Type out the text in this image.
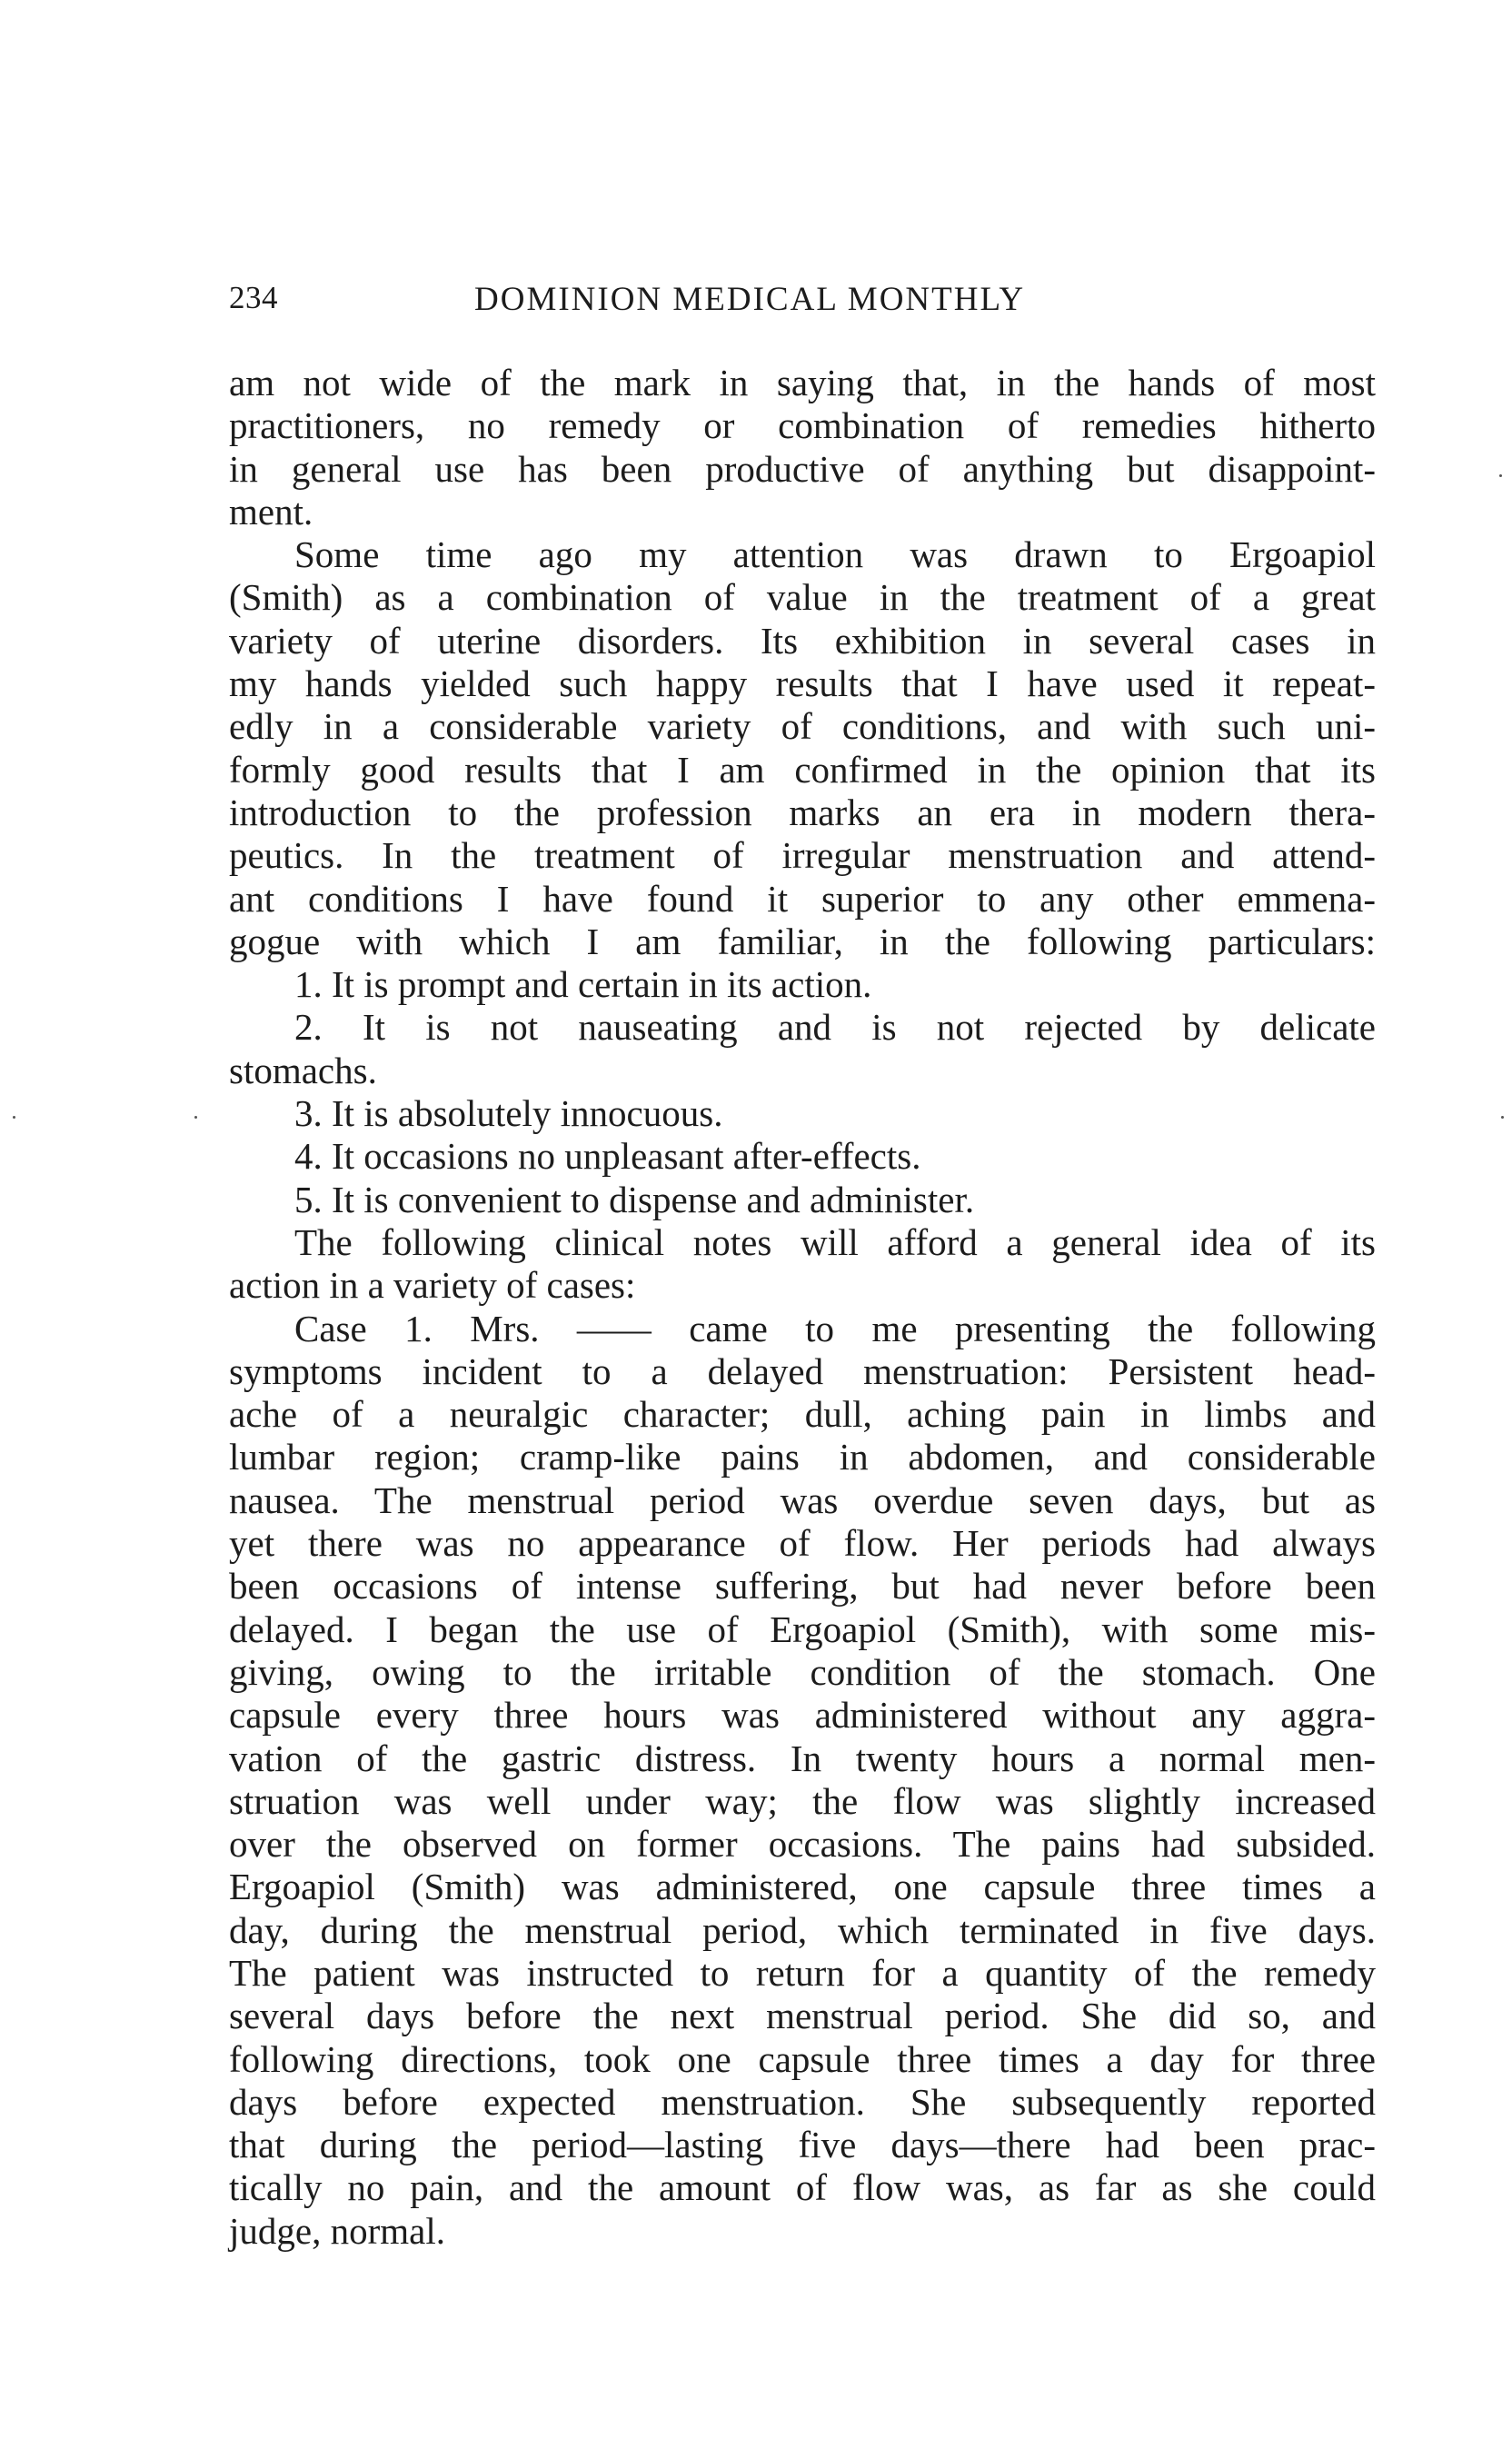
234	DOMINION MEDICAL MONTHLY
am not wide of the mark in saying that, in the hands of most
practitioners, no remedy or combination of remedies hitherto
in general use has been productive of anything but disappoint-
ment.
Some time ago my attention was drawn to Ergoapiol
(Smith) as a combination of value in the treatment of a great
variety of uterine disorders. Its exhibition in several cases in
my hands yielded such happy results that I have used it repeat-
edly in a considerable variety of conditions, and with such uni-
formly good results that I am confirmed in the opinion that its
introduction to the profession marks an era in modern thera-
peutics. In the treatment of irregular menstruation and attend-
ant conditions I have found it superior to any other emmena-
gogue with which I am familiar, in the following particulars:
1. It is prompt and certain in its action.
2. It is not nauseating and is not rejected by delicate
stomachs.
3. It is absolutely innocuous.
4. It occasions no unpleasant after-effects.
5. It is convenient to dispense and administer.
The following clinical notes will afford a general idea of its
action in a variety of cases:
Case 1. Mrs. —— came to me presenting the following
symptoms incident to a delayed menstruation: Persistent head-
ache of a neuralgic character; dull, aching pain in limbs and
lumbar region; cramp-like pains in abdomen, and considerable
nausea. The menstrual period was overdue seven days, but as
yet there was no appearance of flow. Her periods had always
been occasions of intense suffering, but had never before been
delayed. I began the use of Ergoapiol (Smith), with some mis-
giving, owing to the irritable condition of the stomach. One
capsule every three hours was administered without any aggra-
vation of the gastric distress. In twenty hours a normal men-
struation was well under way; the flow was slightly increased
over the observed on former occasions. The pains had subsided.
Ergoapiol (Smith) was administered, one capsule three times a
day, during the menstrual period, which terminated in five days.
The patient was instructed to return for a quantity of the remedy
several days before the next menstrual period. She did so, and
following directions, took one capsule three times a day for three
days before expected menstruation. She subsequently reported
that during the period—lasting five days—there had been prac-
tically no pain, and the amount of flow was, as far as she could
judge, normal.
